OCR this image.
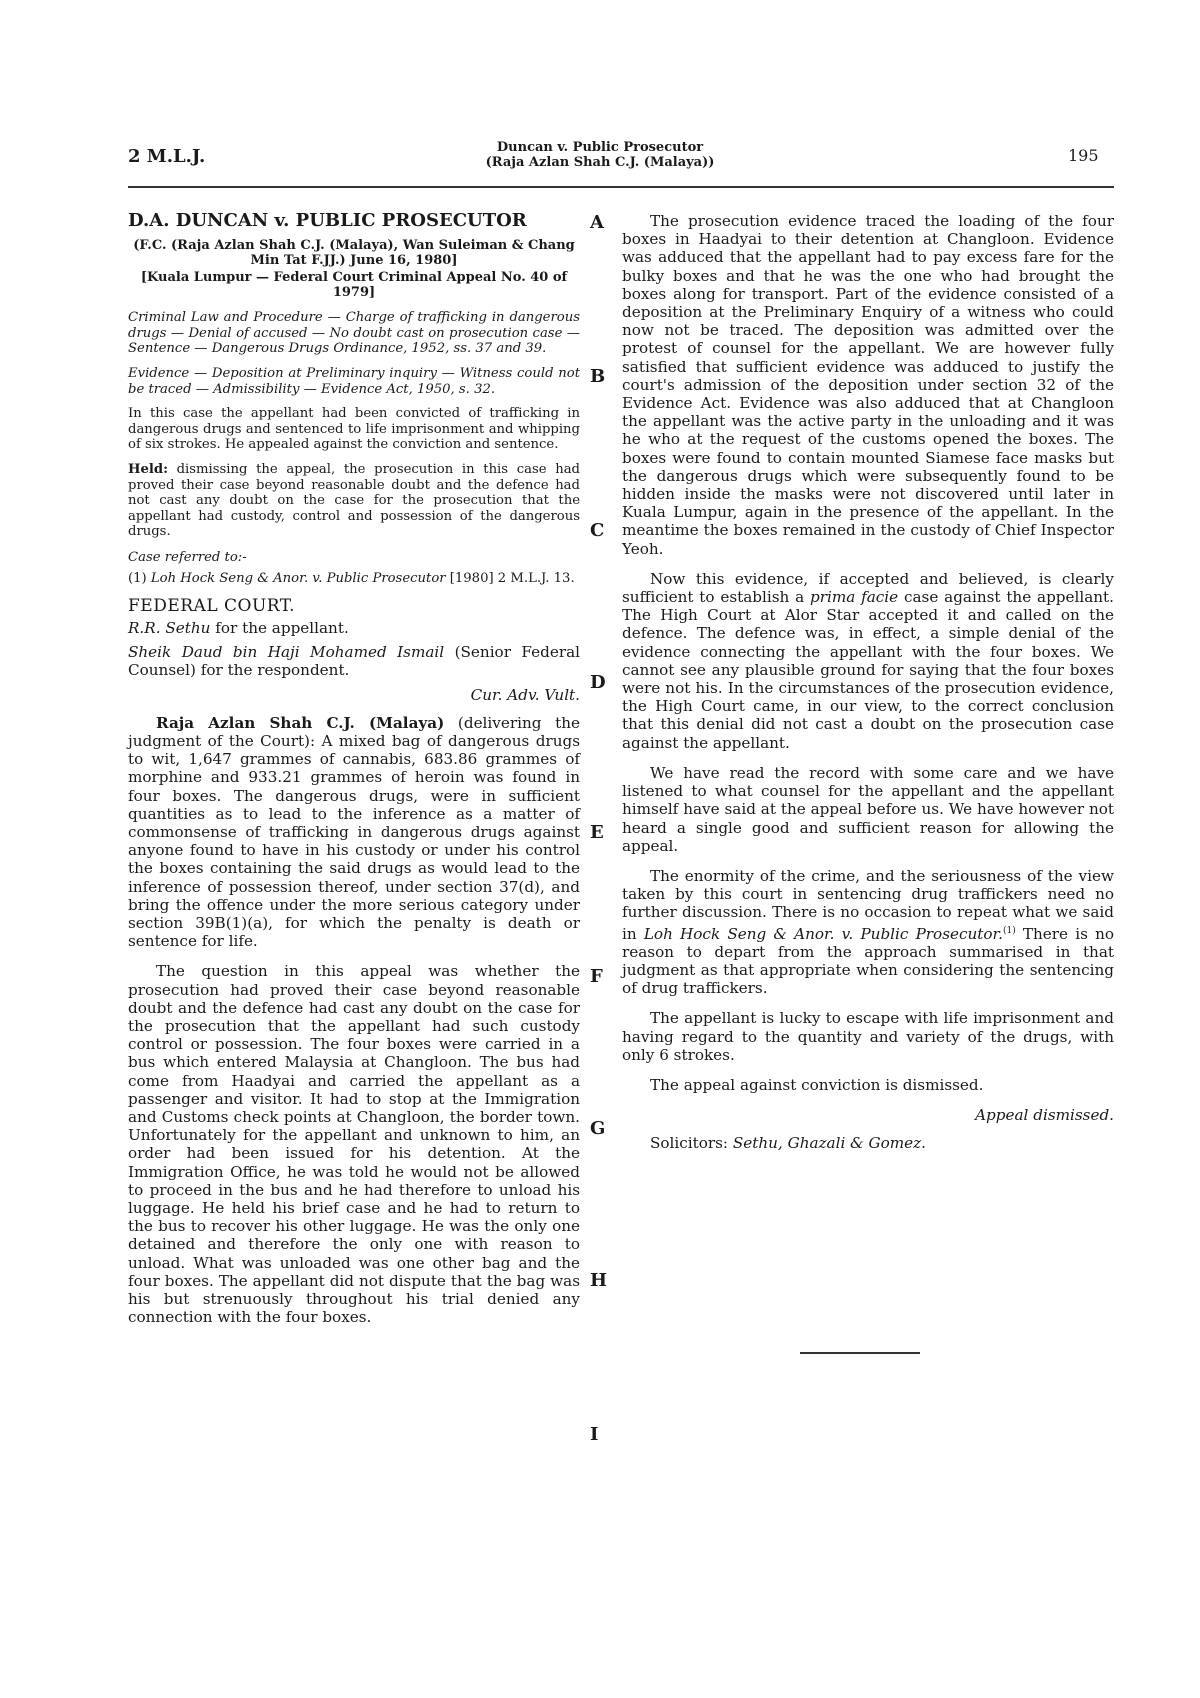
2 M.L.J.	Duncan v. Public Prosecutor
(Raja Azlan Shah C.J. (Malaya))	195
D.A. DUNCAN v. PUBLIC PROSECUTOR
(F.C. (Raja Azlan Shah C.J. (Malaya), Wan Suleiman & Chang Min Tat F.JJ.) June 16, 1980]
[Kuala Lumpur — Federal Court Criminal Appeal No. 40 of 1979]
Criminal Law and Procedure — Charge of trafficking in dangerous drugs — Denial of accused — No doubt cast on prosecution case — Sentence — Dangerous Drugs Ordinance, 1952, ss. 37 and 39.
Evidence — Deposition at Preliminary inquiry — Witness could not be traced — Admissibility — Evidence Act, 1950, s. 32.
In this case the appellant had been convicted of trafficking in dangerous drugs and sentenced to life imprisonment and whipping of six strokes. He appealed against the conviction and sentence.
Held: dismissing the appeal, the prosecution in this case had proved their case beyond reasonable doubt and the defence had not cast any doubt on the case for the prosecution that the appellant had custody, control and possession of the dangerous drugs.
Case referred to:-
(1) Loh Hock Seng & Anor. v. Public Prosecutor [1980] 2 M.L.J. 13.
FEDERAL COURT.
R.R. Sethu for the appellant.
Sheik Daud bin Haji Mohamed Ismail (Senior Federal Counsel) for the respondent.
Cur. Adv. Vult.
Raja Azlan Shah C.J. (Malaya) (delivering the judgment of the Court): A mixed bag of dangerous drugs to wit, 1,647 grammes of cannabis, 683.86 grammes of morphine and 933.21 grammes of heroin was found in four boxes. The dangerous drugs, were in sufficient quantities as to lead to the inference as a matter of commonsense of trafficking in dangerous drugs against anyone found to have in his custody or under his control the boxes containing the said drugs as would lead to the inference of possession thereof, under section 37(d), and bring the offence under the more serious category under section 39B(1)(a), for which the penalty is death or sentence for life.
The question in this appeal was whether the prosecution had proved their case beyond reasonable doubt and the defence had cast any doubt on the case for the prosecution that the appellant had such custody control or possession. The four boxes were carried in a bus which entered Malaysia at Changloon. The bus had come from Haadyai and carried the appellant as a passenger and visitor. It had to stop at the Immigration and Customs check points at Changloon, the border town. Unfortunately for the appellant and unknown to him, an order had been issued for his detention. At the Immigration Office, he was told he would not be allowed to proceed in the bus and he had therefore to unload his luggage. He held his brief case and he had to return to the bus to recover his other luggage. He was the only one detained and therefore the only one with reason to unload. What was unloaded was one other bag and the four boxes. The appellant did not dispute that the bag was his but strenuously throughout his trial denied any connection with the four boxes.
A
B
C
D
E
F
G
H
I
The prosecution evidence traced the loading of the four boxes in Haadyai to their detention at Changloon. Evidence was adduced that the appellant had to pay excess fare for the bulky boxes and that he was the one who had brought the boxes along for transport. Part of the evidence consisted of a deposition at the Preliminary Enquiry of a witness who could now not be traced. The deposition was admitted over the protest of counsel for the appellant. We are however fully satisfied that sufficient evidence was adduced to justify the court's admission of the deposition under section 32 of the Evidence Act. Evidence was also adduced that at Changloon the appellant was the active party in the unloading and it was he who at the request of the customs opened the boxes. The boxes were found to contain mounted Siamese face masks but the dangerous drugs which were subsequently found to be hidden inside the masks were not discovered until later in Kuala Lumpur, again in the presence of the appellant. In the meantime the boxes remained in the custody of Chief Inspector Yeoh.
Now this evidence, if accepted and believed, is clearly sufficient to establish a prima facie case against the appellant. The High Court at Alor Star accepted it and called on the defence. The defence was, in effect, a simple denial of the evidence connecting the appellant with the four boxes. We cannot see any plausible ground for saying that the four boxes were not his. In the circumstances of the prosecution evidence, the High Court came, in our view, to the correct conclusion that this denial did not cast a doubt on the prosecution case against the appellant.
We have read the record with some care and we have listened to what counsel for the appellant and the appellant himself have said at the appeal before us. We have however not heard a single good and sufficient reason for allowing the appeal.
The enormity of the crime, and the seriousness of the view taken by this court in sentencing drug traffickers need no further discussion. There is no occasion to repeat what we said in Loh Hock Seng & Anor. v. Public Prosecutor.$^{(1)}$ There is no reason to depart from the approach summarised in that judgment as that appropriate when considering the sentencing of drug traffickers.
The appellant is lucky to escape with life imprisonment and having regard to the quantity and variety of the drugs, with only 6 strokes.
The appeal against conviction is dismissed.
Appeal dismissed.
Solicitors: Sethu, Ghazali & Gomez.
